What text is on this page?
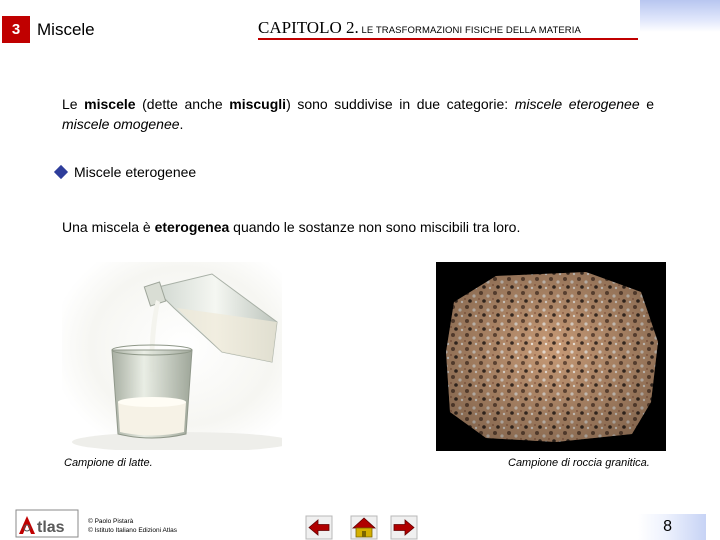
3 Miscele	CAPITOLO 2. LE TRASFORMAZIONI FISICHE DELLA MATERIA

Le miscele (dette anche miscugli) sono suddivise in due categorie: miscele eterogenee e miscele omogenee.

Miscele eterogenee

Una miscela è eterogenea quando le sostanze non sono miscibili tra loro.

Campione di latte.	Campione di roccia granitica.
tlas	© Paolo Pistarà
© Istituto Italiano Edizioni Atlas	8
